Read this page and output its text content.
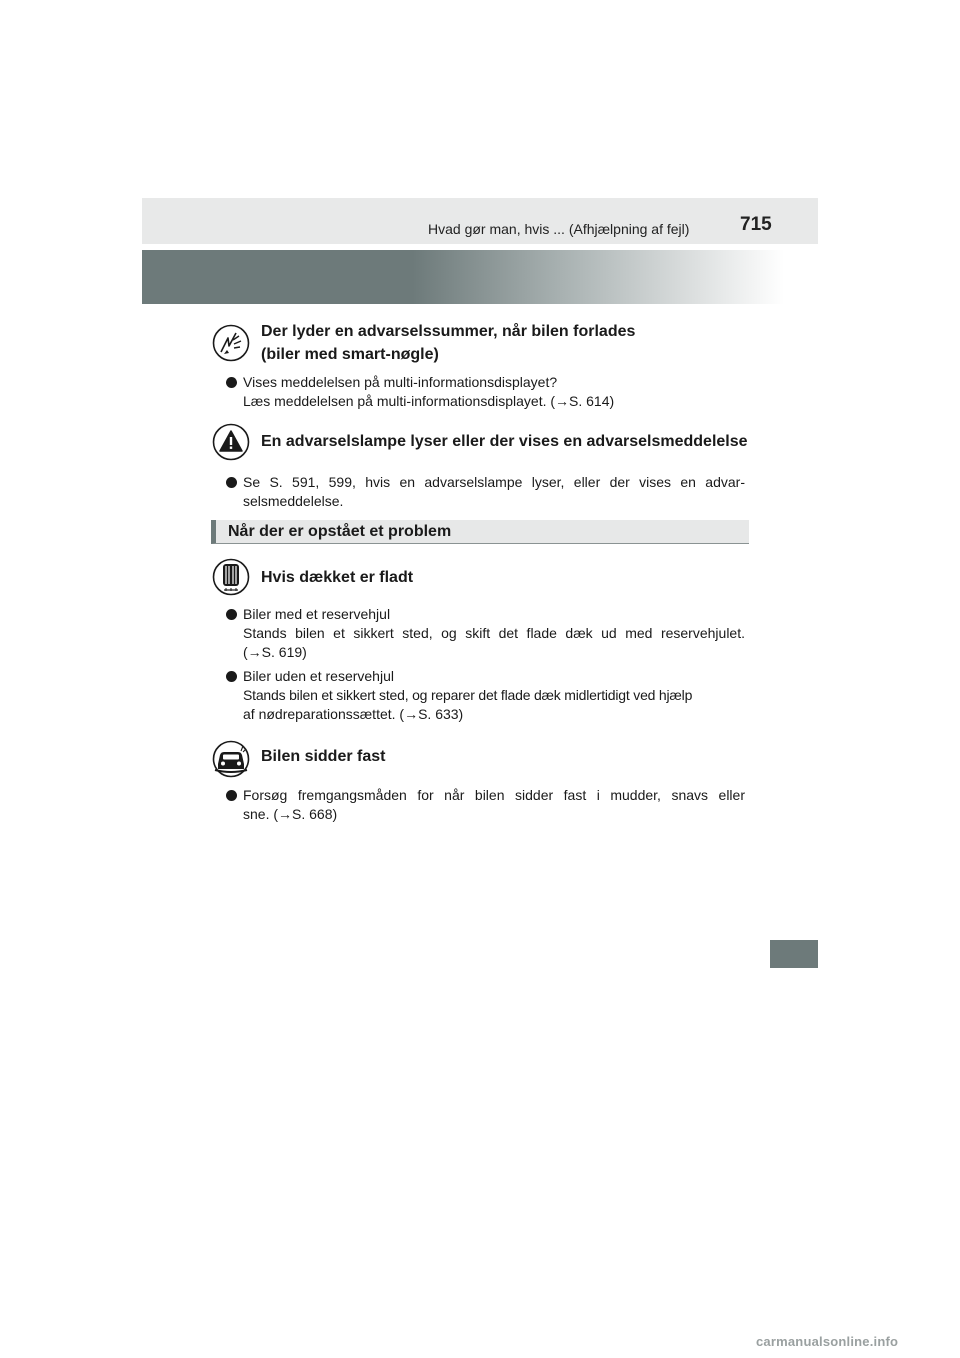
Hvad gør man, hvis ... (Afhjælpning af fejl)	715
Der lyder en advarselssummer, når bilen forlades
(biler med smart-nøgle)
Vises meddelelsen på multi-informationsdisplayet?
Læs meddelelsen på multi-informationsdisplayet. (→S. 614)
En advarselslampe lyser eller der vises en advarselsmeddelelse
Se S. 591, 599, hvis en advarselslampe lyser, eller der vises en advar-
selsmeddelelse.
Når der er opstået et problem
Hvis dækket er fladt
Biler med et reservehjul
Stands bilen et sikkert sted, og skift det flade dæk ud med reservehjulet.
(→S. 619)
Biler uden et reservehjul
Stands bilen et sikkert sted, og reparer det flade dæk midlertidigt ved hjælp
af nødreparationssættet. (→S. 633)
Bilen sidder fast
Forsøg fremgangsmåden for når bilen sidder fast i mudder, snavs eller
sne. (→S. 668)
carmanualsonline.info
